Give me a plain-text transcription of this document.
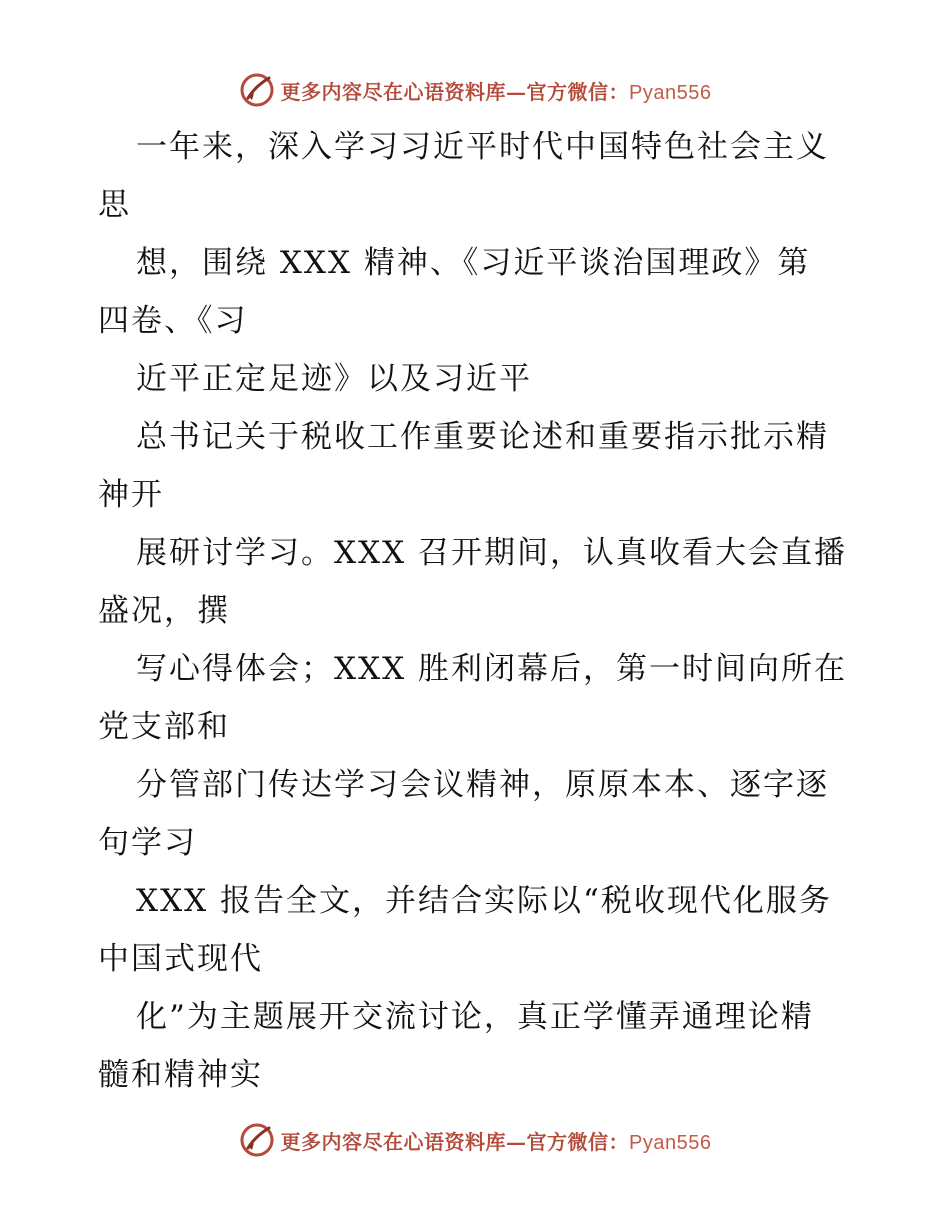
更多内容尽在心语资料库—官方微信：Pyan556
一年来，深入学习习近平时代中国特色社会主义
思
想，围绕 XXX 精神、《习近平谈治国理政》第
四卷、《习
近平正定足迹》以及习近平
总书记关于税收工作重要论述和重要指示批示精
神开
展研讨学习。XXX 召开期间，认真收看大会直播
盛况，撰
写心得体会；XXX 胜利闭幕后，第一时间向所在
党支部和
分管部门传达学习会议精神，原原本本、逐字逐
句学习
XXX 报告全文，并结合实际以“税收现代化服务
中国式现代
化”为主题展开交流讨论，真正学懂弄通理论精
髓和精神实
更多内容尽在心语资料库—官方微信：Pyan556
